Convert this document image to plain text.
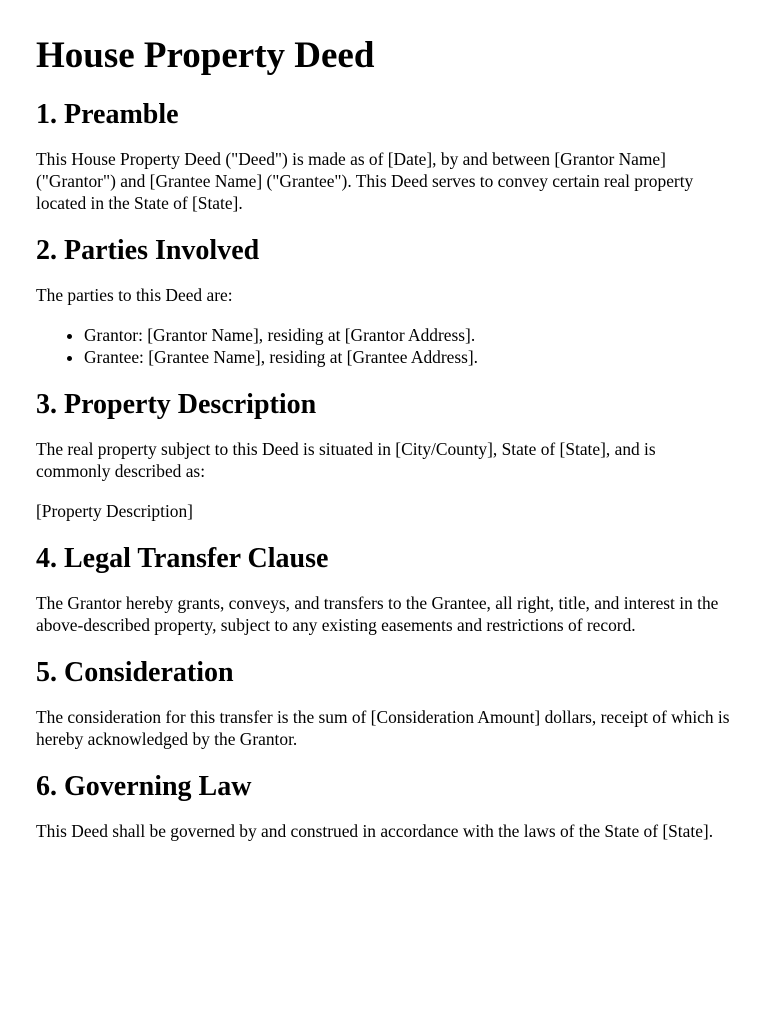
House Property Deed
1. Preamble

This House Property Deed ("Deed") is made as of [Date], by and between [Grantor Name] ("Grantor") and [Grantee Name] ("Grantee"). This Deed serves to convey certain real property located in the State of [State].

2. Parties Involved

The parties to this Deed are:

• Grantor: [Grantor Name], residing at [Grantor Address].
• Grantee: [Grantee Name], residing at [Grantee Address].
3. Property Description

The real property subject to this Deed is situated in [City/County], State of [State], and is commonly described as:

[Property Description]

4. Legal Transfer Clause

The Grantor hereby grants, conveys, and transfers to the Grantee, all right, title, and interest in the above-described property, subject to any existing easements and restrictions of record.

5. Consideration

The consideration for this transfer is the sum of [Consideration Amount] dollars, receipt of which is hereby acknowledged by the Grantor.

6. Governing Law

This Deed shall be governed by and construed in accordance with the laws of the State of [State].
